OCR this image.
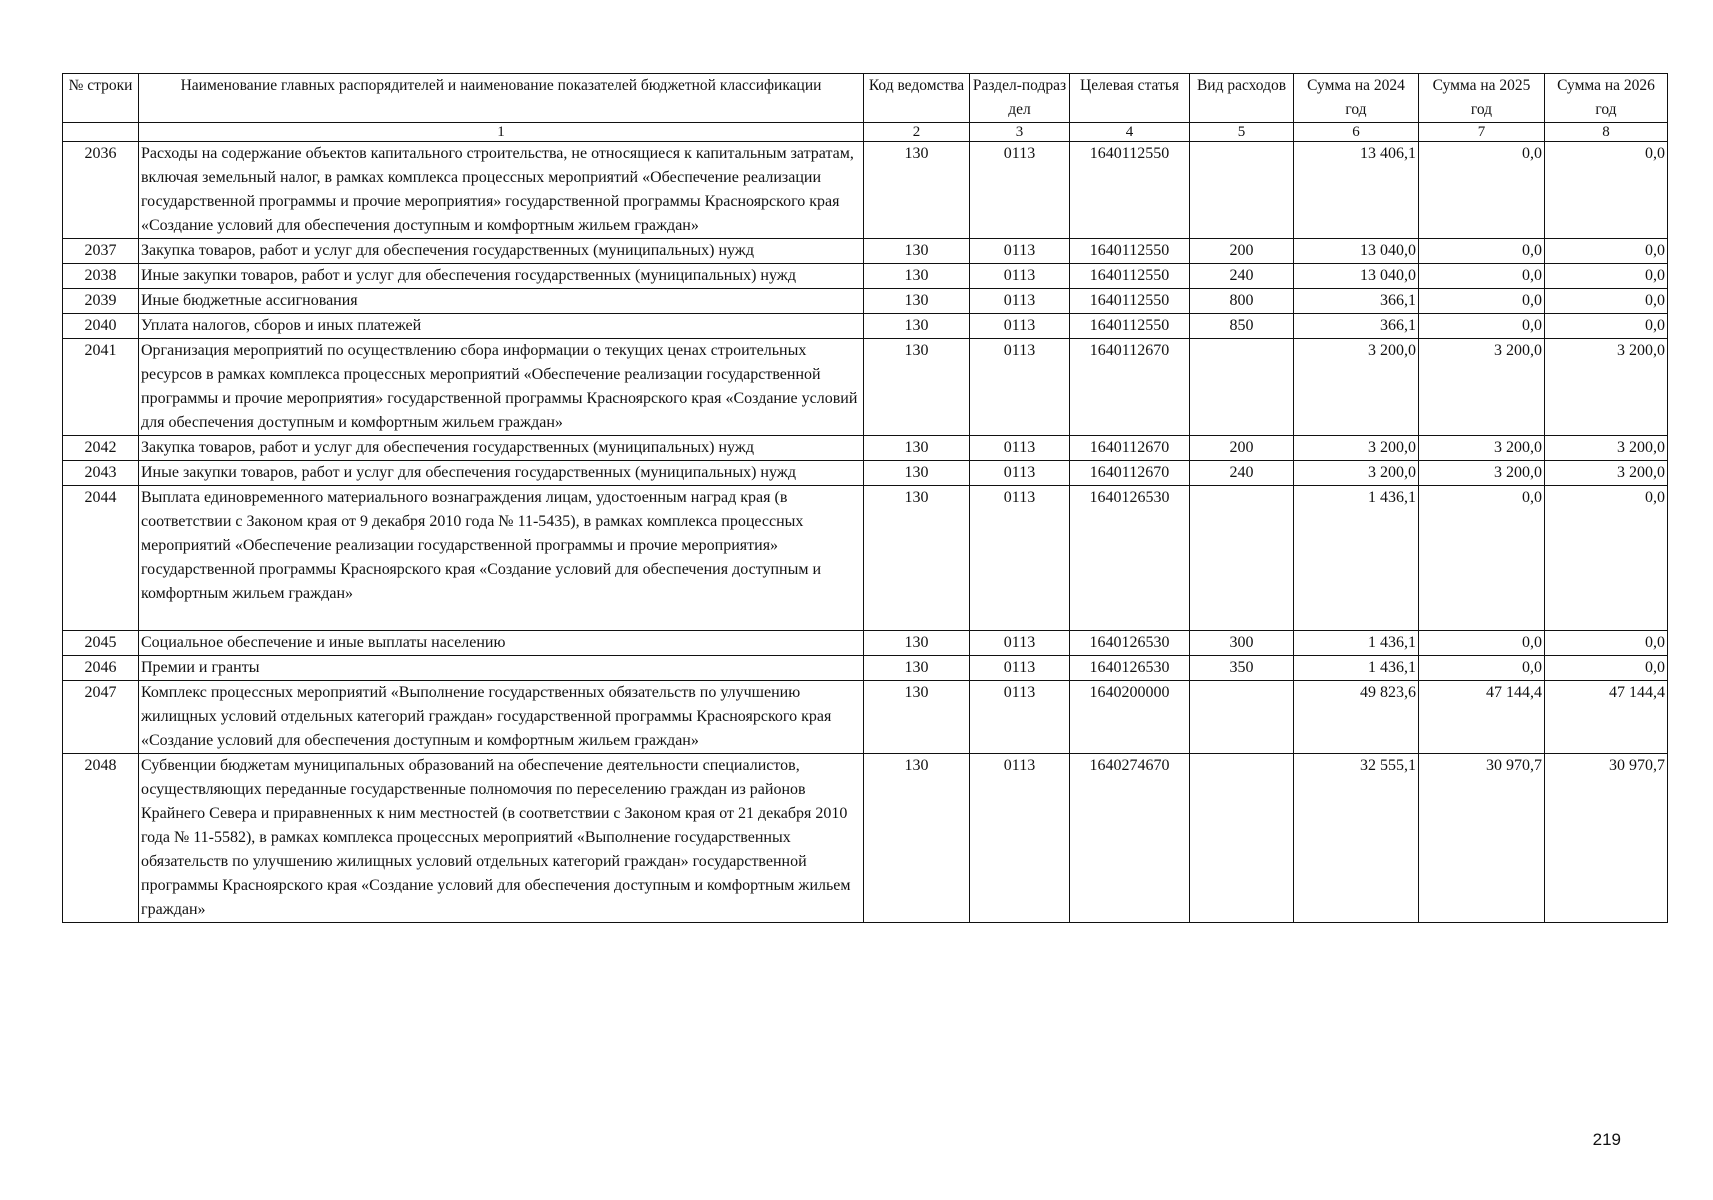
№ строки	Наименование главных распорядителей и наименование показателей бюджетной классификации	Код ведомства	Раздел-подраздел	Целевая статья	Вид расходов	Сумма на 2024 год	Сумма на 2025 год	Сумма на 2026 год
	1	2	3	4	5	6	7	8
2036	Расходы на содержание объектов капитального строительства, не относящиеся к капитальным затратам, включая земельный налог, в рамках комплекса процессных мероприятий «Обеспечение реализации государственной программы и прочие мероприятия» государственной программы Красноярского края «Создание условий для обеспечения доступным и комфортным жильем граждан»	130	0113	1640112550		13 406,1	0,0	0,0
2037	Закупка товаров, работ и услуг для обеспечения государственных (муниципальных) нужд	130	0113	1640112550	200	13 040,0	0,0	0,0
2038	Иные закупки товаров, работ и услуг для обеспечения государственных (муниципальных) нужд	130	0113	1640112550	240	13 040,0	0,0	0,0
2039	Иные бюджетные ассигнования	130	0113	1640112550	800	366,1	0,0	0,0
2040	Уплата налогов, сборов и иных платежей	130	0113	1640112550	850	366,1	0,0	0,0
2041	Организация мероприятий по осуществлению сбора информации о текущих ценах строительных ресурсов в рамках комплекса процессных мероприятий «Обеспечение реализации государственной программы и прочие мероприятия» государственной программы Красноярского края «Создание условий для обеспечения доступным и комфортным жильем граждан»	130	0113	1640112670		3 200,0	3 200,0	3 200,0
2042	Закупка товаров, работ и услуг для обеспечения государственных (муниципальных) нужд	130	0113	1640112670	200	3 200,0	3 200,0	3 200,0
2043	Иные закупки товаров, работ и услуг для обеспечения государственных (муниципальных) нужд	130	0113	1640112670	240	3 200,0	3 200,0	3 200,0
2044	Выплата единовременного материального вознаграждения лицам, удостоенным наград края (в соответствии с Законом края от 9 декабря 2010 года № 11-5435), в рамках комплекса процессных мероприятий «Обеспечение реализации государственной программы и прочие мероприятия» государственной программы Красноярского края «Создание условий для обеспечения доступным и комфортным жильем граждан»	130	0113	1640126530		1 436,1	0,0	0,0
2045	Социальное обеспечение и иные выплаты населению	130	0113	1640126530	300	1 436,1	0,0	0,0
2046	Премии и гранты	130	0113	1640126530	350	1 436,1	0,0	0,0
2047	Комплекс процессных мероприятий «Выполнение государственных обязательств по улучшению жилищных условий отдельных категорий граждан» государственной программы Красноярского края «Создание условий для обеспечения доступным и комфортным жильем граждан»	130	0113	1640200000		49 823,6	47 144,4	47 144,4
2048	Субвенции бюджетам муниципальных образований на обеспечение деятельности специалистов, осуществляющих переданные государственные полномочия по переселению граждан из районов Крайнего Севера и приравненных к ним местностей (в соответствии с Законом края от 21 декабря 2010 года № 11-5582), в рамках комплекса процессных мероприятий «Выполнение государственных обязательств по улучшению жилищных условий отдельных категорий граждан» государственной программы Красноярского края «Создание условий для обеспечения доступным и комфортным жильем граждан»	130	0113	1640274670		32 555,1	30 970,7	30 970,7
219
